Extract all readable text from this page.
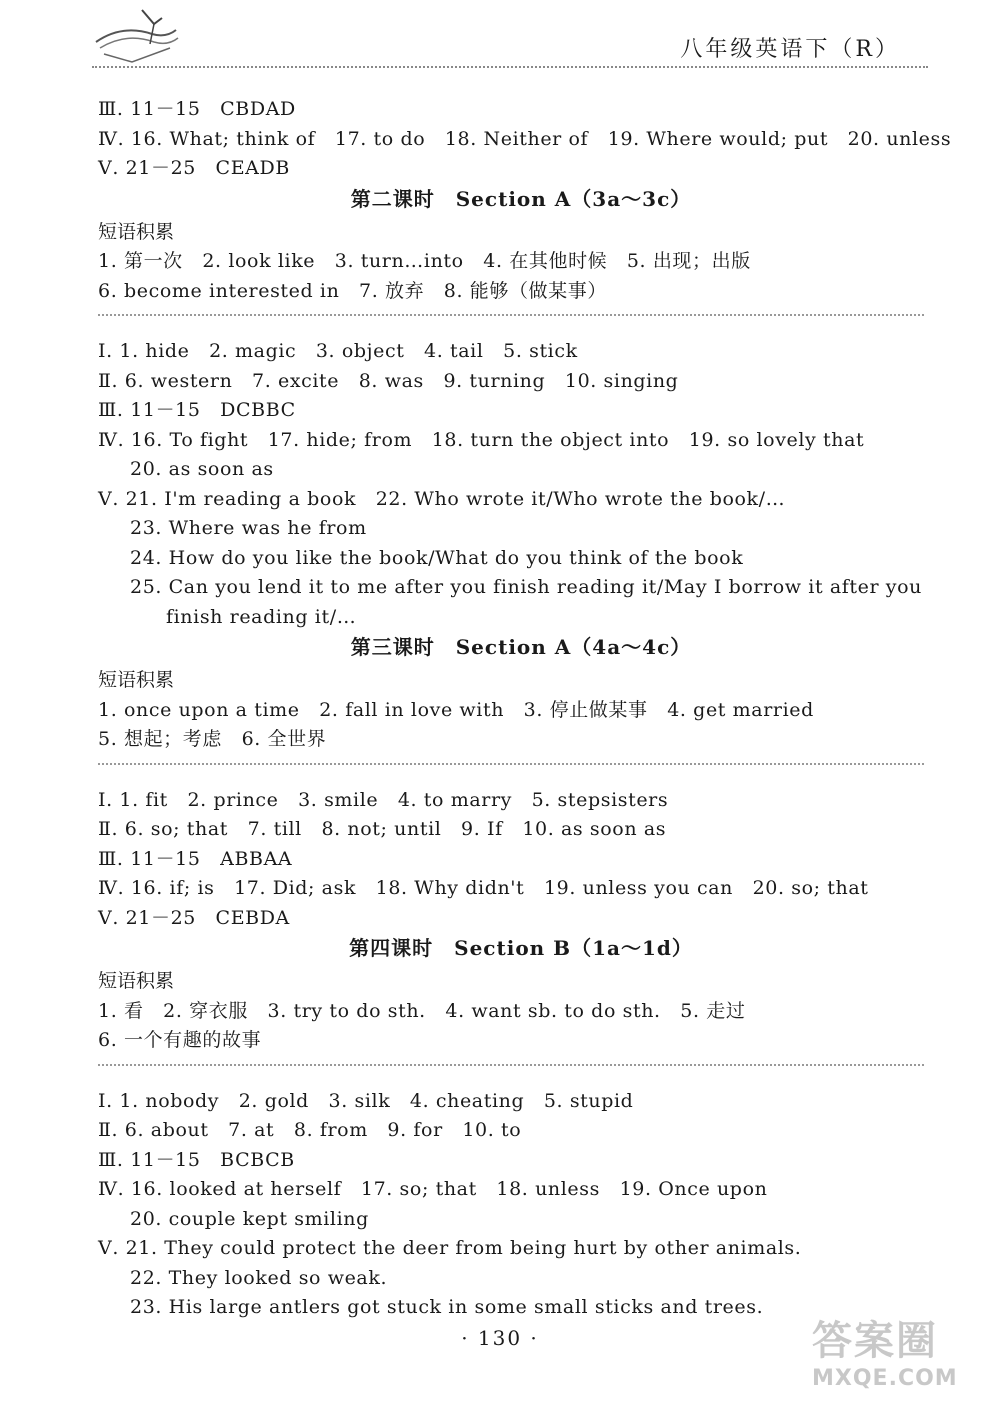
八年级英语下（R）
Ⅲ. 11－15　CBDAD
Ⅳ. 16. What; think of　17. to do　18. Neither of　19. Where would; put　20. unless
Ⅴ. 21－25　CEADB
第二课时　Section A（3a～3c）
短语积累
1. 第一次　2. look like　3. turn…into　4. 在其他时候　5. 出现；出版
6. become interested in　7. 放弃　8. 能够（做某事）
Ⅰ. 1. hide　2. magic　3. object　4. tail　5. stick
Ⅱ. 6. western　7. excite　8. was　9. turning　10. singing
Ⅲ. 11－15　DCBBC
Ⅳ. 16. To fight　17. hide; from　18. turn the object into　19. so lovely that
20. as soon as
Ⅴ. 21. I'm reading a book　22. Who wrote it/Who wrote the book/…
23. Where was he from
24. How do you like the book/What do you think of the book
25. Can you lend it to me after you finish reading it/May I borrow it after you
finish reading it/…
第三课时　Section A（4a～4c）
短语积累
1. once upon a time　2. fall in love with　3. 停止做某事　4. get married
5. 想起；考虑　6. 全世界
Ⅰ. 1. fit　2. prince　3. smile　4. to marry　5. stepsisters
Ⅱ. 6. so; that　7. till　8. not; until　9. If　10. as soon as
Ⅲ. 11－15　ABBAA
Ⅳ. 16. if; is　17. Did; ask　18. Why didn't　19. unless you can　20. so; that
Ⅴ. 21－25　CEBDA
第四课时　Section B（1a～1d）
短语积累
1. 看　2. 穿衣服　3. try to do sth.　4. want sb. to do sth.　5. 走过
6. 一个有趣的故事
Ⅰ. 1. nobody　2. gold　3. silk　4. cheating　5. stupid
Ⅱ. 6. about　7. at　8. from　9. for　10. to
Ⅲ. 11－15　BCBCB
Ⅳ. 16. looked at herself　17. so; that　18. unless　19. Once upon
20. couple kept smiling
Ⅴ. 21. They could protect the deer from being hurt by other animals.
22. They looked so weak.
23. His large antlers got stuck in some small sticks and trees.
· 130 ·	答案圈
MXQE.COM
